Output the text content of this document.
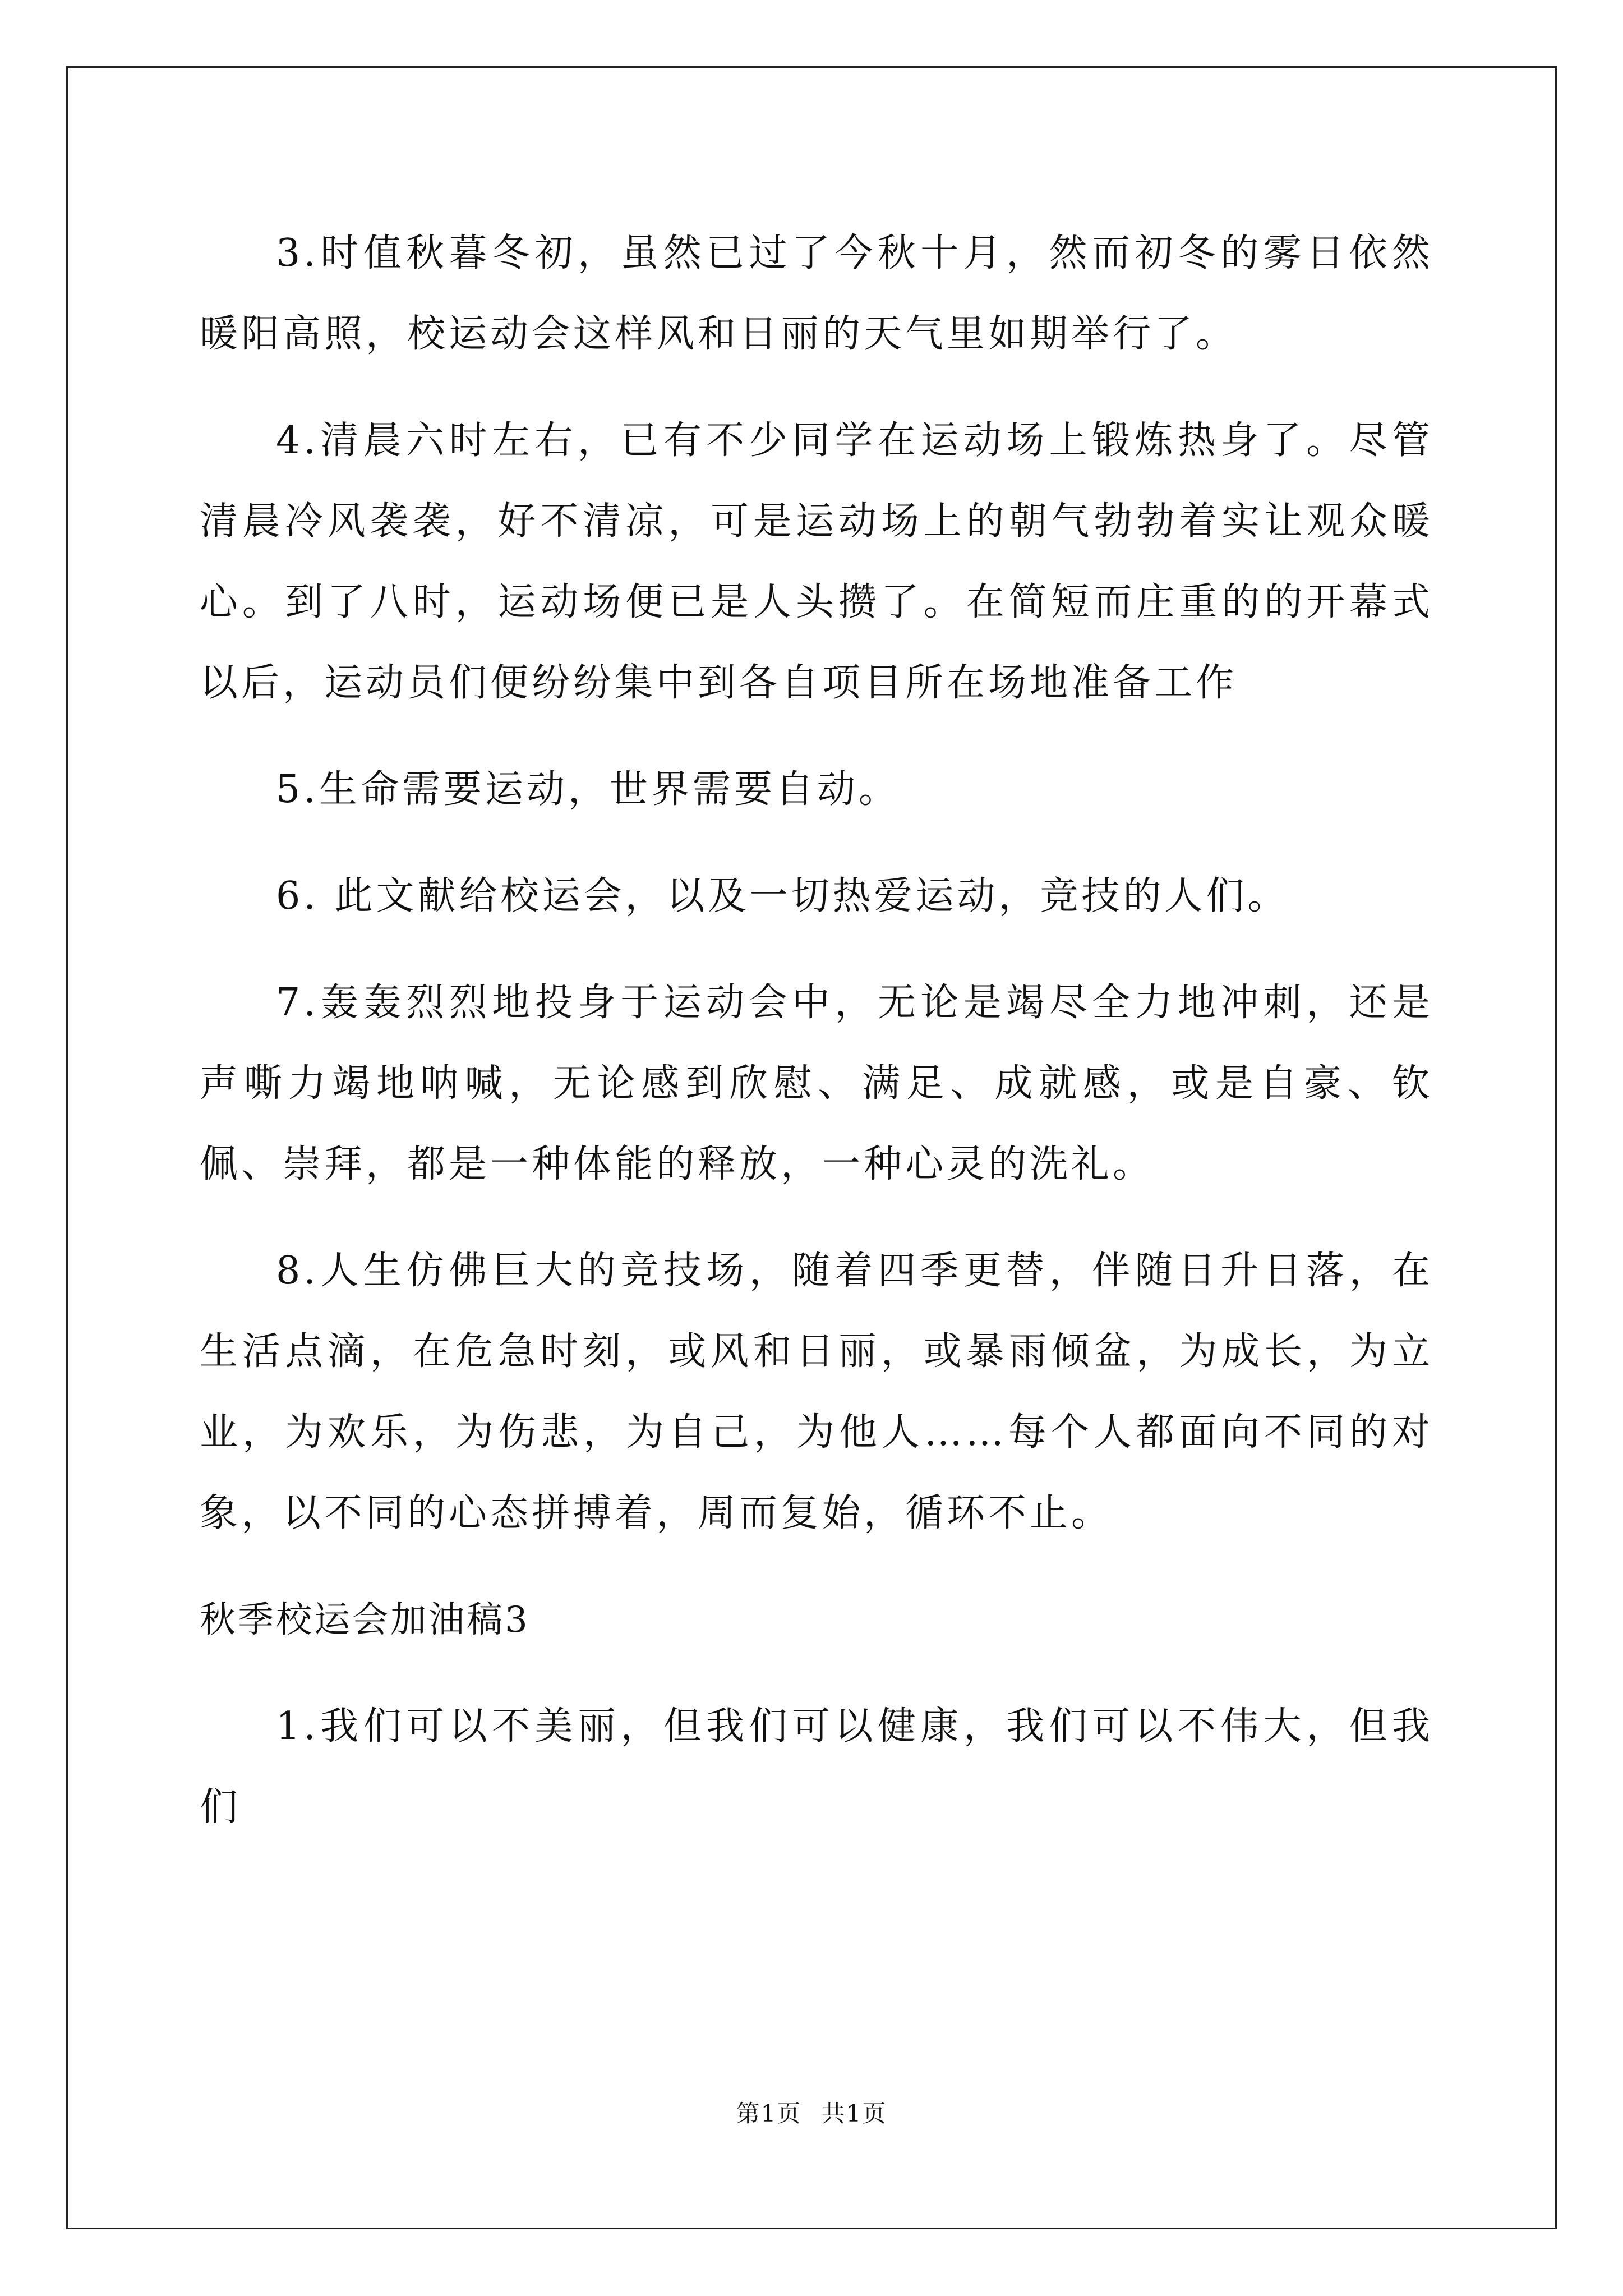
3.时值秋暮冬初，虽然已过了今秋十月，然而初冬的雾日依然暖阳高照，校运动会这样风和日丽的天气里如期举行了。

4.清晨六时左右，已有不少同学在运动场上锻炼热身了。尽管清晨冷风袭袭，好不清凉，可是运动场上的朝气勃勃着实让观众暖心。到了八时，运动场便已是人头攒了。在简短而庄重的的开幕式以后，运动员们便纷纷集中到各自项目所在场地准备工作

5.生命需要运动，世界需要自动。

6. 此文献给校运会，以及一切热爱运动，竞技的人们。

7.轰轰烈烈地投身于运动会中，无论是竭尽全力地冲刺，还是声嘶力竭地呐喊，无论感到欣慰、满足、成就感，或是自豪、钦佩、崇拜，都是一种体能的释放，一种心灵的洗礼。

8.人生仿佛巨大的竞技场，随着四季更替，伴随日升日落，在生活点滴，在危急时刻，或风和日丽，或暴雨倾盆，为成长，为立业，为欢乐，为伤悲，为自己，为他人……每个人都面向不同的对象，以不同的心态拼搏着，周而复始，循环不止。

秋季校运会加油稿3

1.我们可以不美丽，但我们可以健康，我们可以不伟大，但我们

第1页 共1页
